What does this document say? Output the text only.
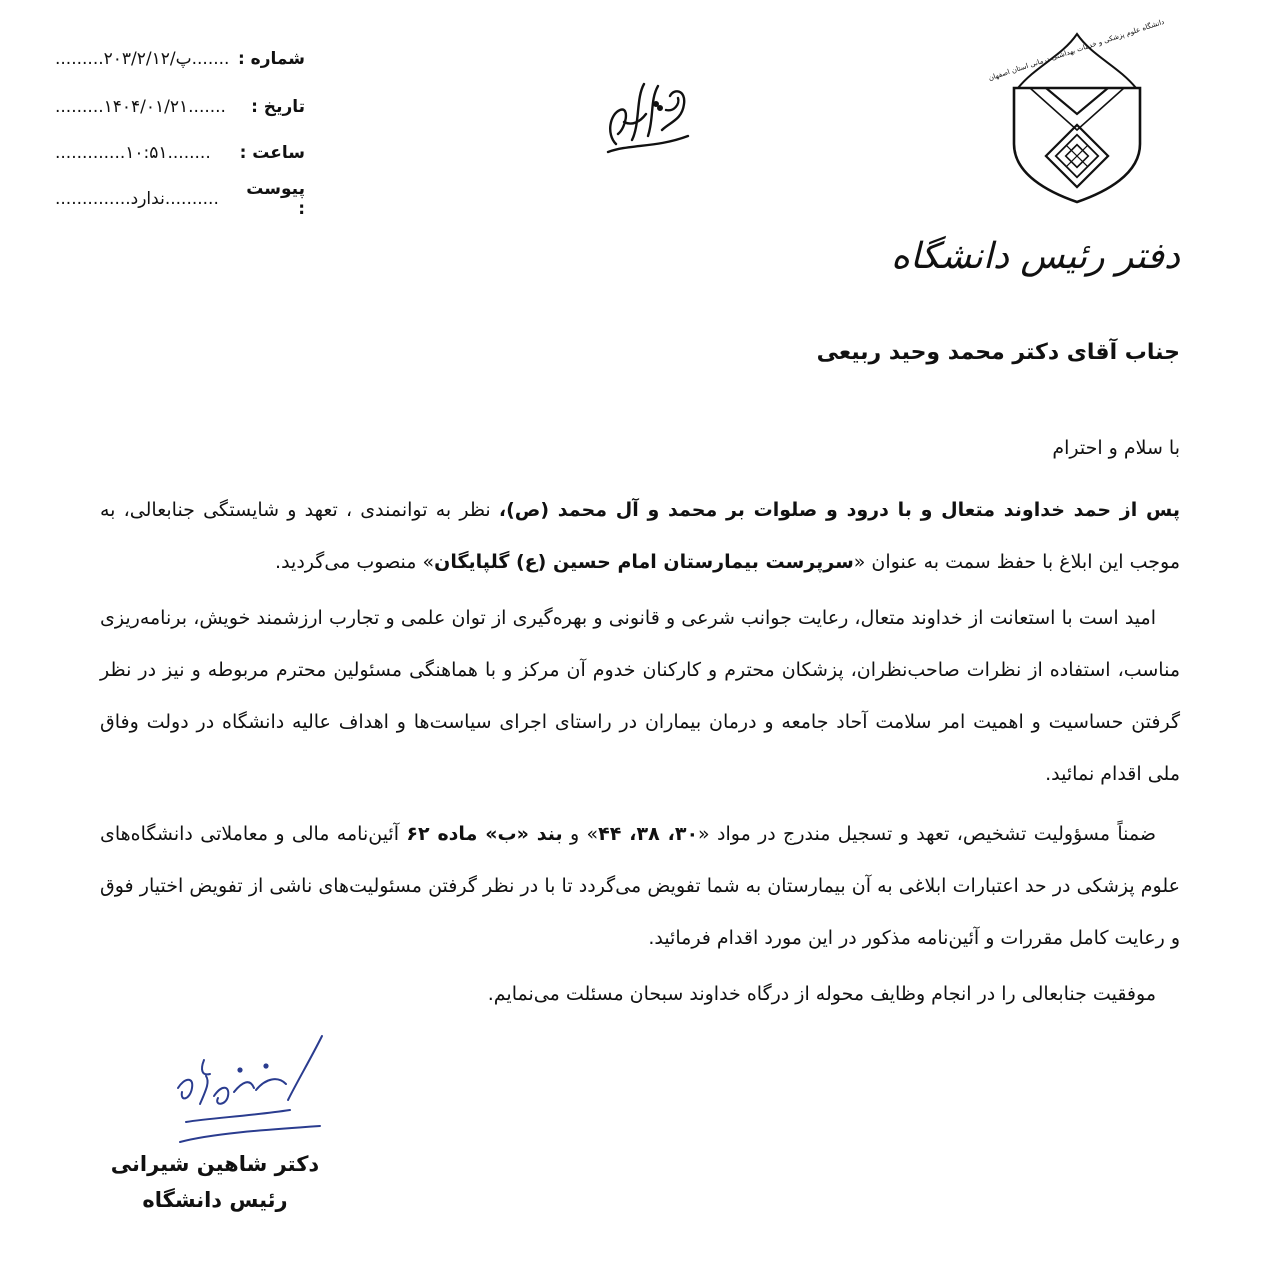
شماره :
.........۲۰۳/۲/۱۲/پ.......
تاریخ :
.........۱۴۰۴/۰۱/۲۱.......
ساعت :
.............۱۰:۵۱........
پیوست :
..............ندارد..........
دانشگاه علوم پزشکی و خدمات بهداشتی درمانی استان اصفهان
دفتر رئیس دانشگاه
جناب آقای دکتر محمد وحید ربیعی
با سلام و احترام
پس از حمد خداوند متعال و با درود و صلوات بر محمد و آل محمد (ص)، نظر به توانمندی ، تعهد و شایستگی جنابعالی، به موجب این ابلاغ با حفظ سمت به عنوان «سرپرست بیمارستان امام حسین (ع) گلپایگان» منصوب می‌گردید.
امید است با استعانت از خداوند متعال، رعایت جوانب شرعی و قانونی و بهره‌گیری از توان علمی و تجارب ارزشمند خویش، برنامه‌ریزی مناسب، استفاده از نظرات صاحب‌نظران، پزشکان محترم و کارکنان خدوم آن مرکز و با هماهنگی مسئولین محترم مربوطه و نیز در نظر گرفتن حساسیت و اهمیت امر سلامت آحاد جامعه و درمان بیماران در راستای اجرای سیاست‌ها و اهداف عالیه دانشگاه در دولت وفاق ملی اقدام نمائید.
ضمناً مسؤولیت تشخیص، تعهد و تسجیل مندرج در مواد «۳۰، ۳۸، ۴۴» و بند «ب» ماده ۶۲ آئین‌نامه مالی و معاملاتی دانشگاه‌های علوم پزشکی در حد اعتبارات ابلاغی به آن بیمارستان به شما تفویض می‌گردد تا با در نظر گرفتن مسئولیت‌های ناشی از تفویض اختیار فوق و رعایت کامل مقررات و آئین‌نامه مذکور در این مورد اقدام فرمائید.
موفقیت جنابعالی را در انجام وظایف محوله از درگاه خداوند سبحان مسئلت می‌نمایم.
دکتر شاهین شیرانی
رئیس دانشگاه
